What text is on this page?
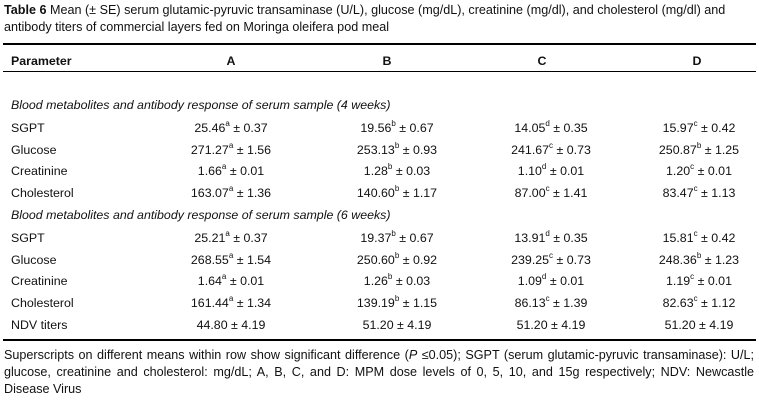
Table 6 Mean (± SE) serum glutamic-pyruvic transaminase (U/L), glucose (mg/dL), creatinine (mg/dl), and cholesterol (mg/dl) and antibody titers of commercial layers fed on Moringa oleifera pod meal
Parameter	A	B	C	D
Blood metabolites and antibody response of serum sample (4 weeks)
SGPT	25.46$^a$ ± 0.37	19.56$^b$ ± 0.67	14.05$^d$ ± 0.35	15.97$^c$ ± 0.42
Glucose	271.27$^a$ ± 1.56	253.13$^b$ ± 0.93	241.67$^c$ ± 0.73	250.87$^b$ ± 1.25
Creatinine	1.66$^a$ ± 0.01	1.28$^b$ ± 0.03	1.10$^d$ ± 0.01	1.20$^c$ ± 0.01
Cholesterol	163.07$^a$ ± 1.36	140.60$^b$ ± 1.17	87.00$^c$ ± 1.41	83.47$^c$ ± 1.13
Blood metabolites and antibody response of serum sample (6 weeks)
SGPT	25.21$^a$ ± 0.37	19.37$^b$ ± 0.67	13.91$^d$ ± 0.35	15.81$^c$ ± 0.42
Glucose	268.55$^a$ ± 1.54	250.60$^b$ ± 0.92	239.25$^c$ ± 0.73	248.36$^b$ ± 1.23
Creatinine	1.64$^a$ ± 0.01	1.26$^b$ ± 0.03	1.09$^d$ ± 0.01	1.19$^c$ ± 0.01
Cholesterol	161.44$^a$ ± 1.34	139.19$^b$ ± 1.15	86.13$^c$ ± 1.39	82.63$^c$ ± 1.12
NDV titers	44.80 ± 4.19	51.20 ± 4.19	51.20 ± 4.19	51.20 ± 4.19
Superscripts on different means within row show significant difference (P ≤0.05); SGPT (serum glutamic-pyruvic transaminase): U/L; glucose, creatinine and cholesterol: mg/dL; A, B, C, and D: MPM dose levels of 0, 5, 10, and 15g respectively; NDV: Newcastle Disease Virus
